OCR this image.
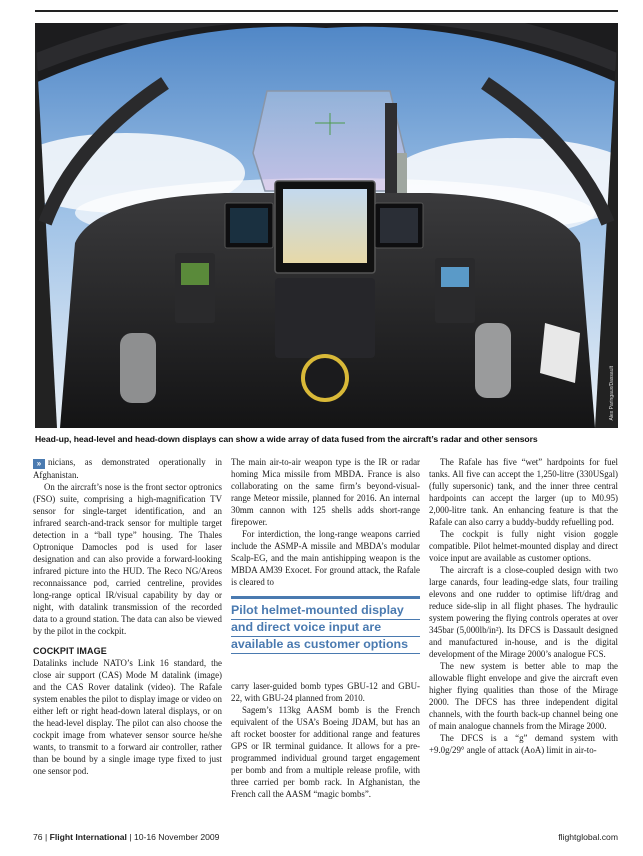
Alex Paringaux/Dassault
Head-up, head-level and head-down displays can show a wide array of data fused from the aircraft’s radar and other sensors

» nicians, as demonstrated operationally in Afghanistan.

On the aircraft’s nose is the front sector optronics (FSO) suite, comprising a high-magnification TV sensor for single-target identification, and an infrared search-and-track sensor for multiple target detection in a “ball type” housing. The Thales Optronique Damocles pod is used for laser designation and can also provide a forward-looking infrared picture into the HUD. The Reco NG/Areos reconnaissance pod, carried centreline, provides long-range optical IR/visual capability by day or night, with datalink transmission of the recorded data to a ground station. The data can also be viewed by the pilot in the cockpit.

COCKPIT IMAGE

Datalinks include NATO’s Link 16 standard, the close air support (CAS) Mode M datalink (image) and the CAS Rover datalink (video). The Rafale system enables the pilot to display image or video on either left or right head-down lateral displays, or on the head-level display. The pilot can also choose the cockpit image from whatever sensor source he/she wants, to transmit to a forward air controller, rather than be bound by a single image type fixed to just one sensor pod.

The main air-to-air weapon type is the IR or radar homing Mica missile from MBDA. France is also collaborating on the same firm’s beyond-visual-range Meteor missile, planned for 2016. An internal 30mm cannon with 125 shells adds short-range firepower.

For interdiction, the long-range weapons carried include the ASMP-A missile and MBDA’s modular Scalp-EG, and the main antishipping weapon is the MBDA AM39 Exocet. For ground attack, the Rafale is cleared to

Pilot helmet-mounted display
and direct voice input are
available as customer options

carry laser-guided bomb types GBU-12 and GBU-22, with GBU-24 planned from 2010.

Sagem’s 113kg AASM bomb is the French equivalent of the USA’s Boeing JDAM, but has an aft rocket booster for additional range and features GPS or IR terminal guidance. It allows for a pre-programmed individual ground target engagement per bomb and from a multiple release profile, with three carried per bomb rack. In Afghanistan, the French call the AASM “magic bombs”.

The Rafale has five “wet” hardpoints for fuel tanks. All five can accept the 1,250-litre (330USgal) (fully supersonic) tank, and the inner three central hardpoints can accept the larger (up to M0.95) 2,000-litre tank. An enhancing feature is that the Rafale can also carry a buddy-buddy refuelling pod.

The cockpit is fully night vision goggle compatible. Pilot helmet-mounted display and direct voice input are available as customer options.

The aircraft is a close-coupled design with two large canards, four leading-edge slats, four trailing elevons and one rudder to optimise lift/drag and reduce side-slip in all flight phases. The hydraulic system powering the flying controls operates at over 345bar (5,000lb/in²). Its DFCS is Dassault designed and manufactured in-house, and is the digital development of the Mirage 2000’s analogue FCS.

The new system is better able to map the allowable flight envelope and give the aircraft even higher flying qualities than those of the Mirage 2000. The DFCS has three independent digital channels, with the fourth back-up channel being one of main analogue channels from the Mirage 2000.

The DFCS is a “g” demand system with +9.0g/29° angle of attack (AoA) limit in air-to-

76 | Flight International | 10-16 November 2009	flightglobal.com
